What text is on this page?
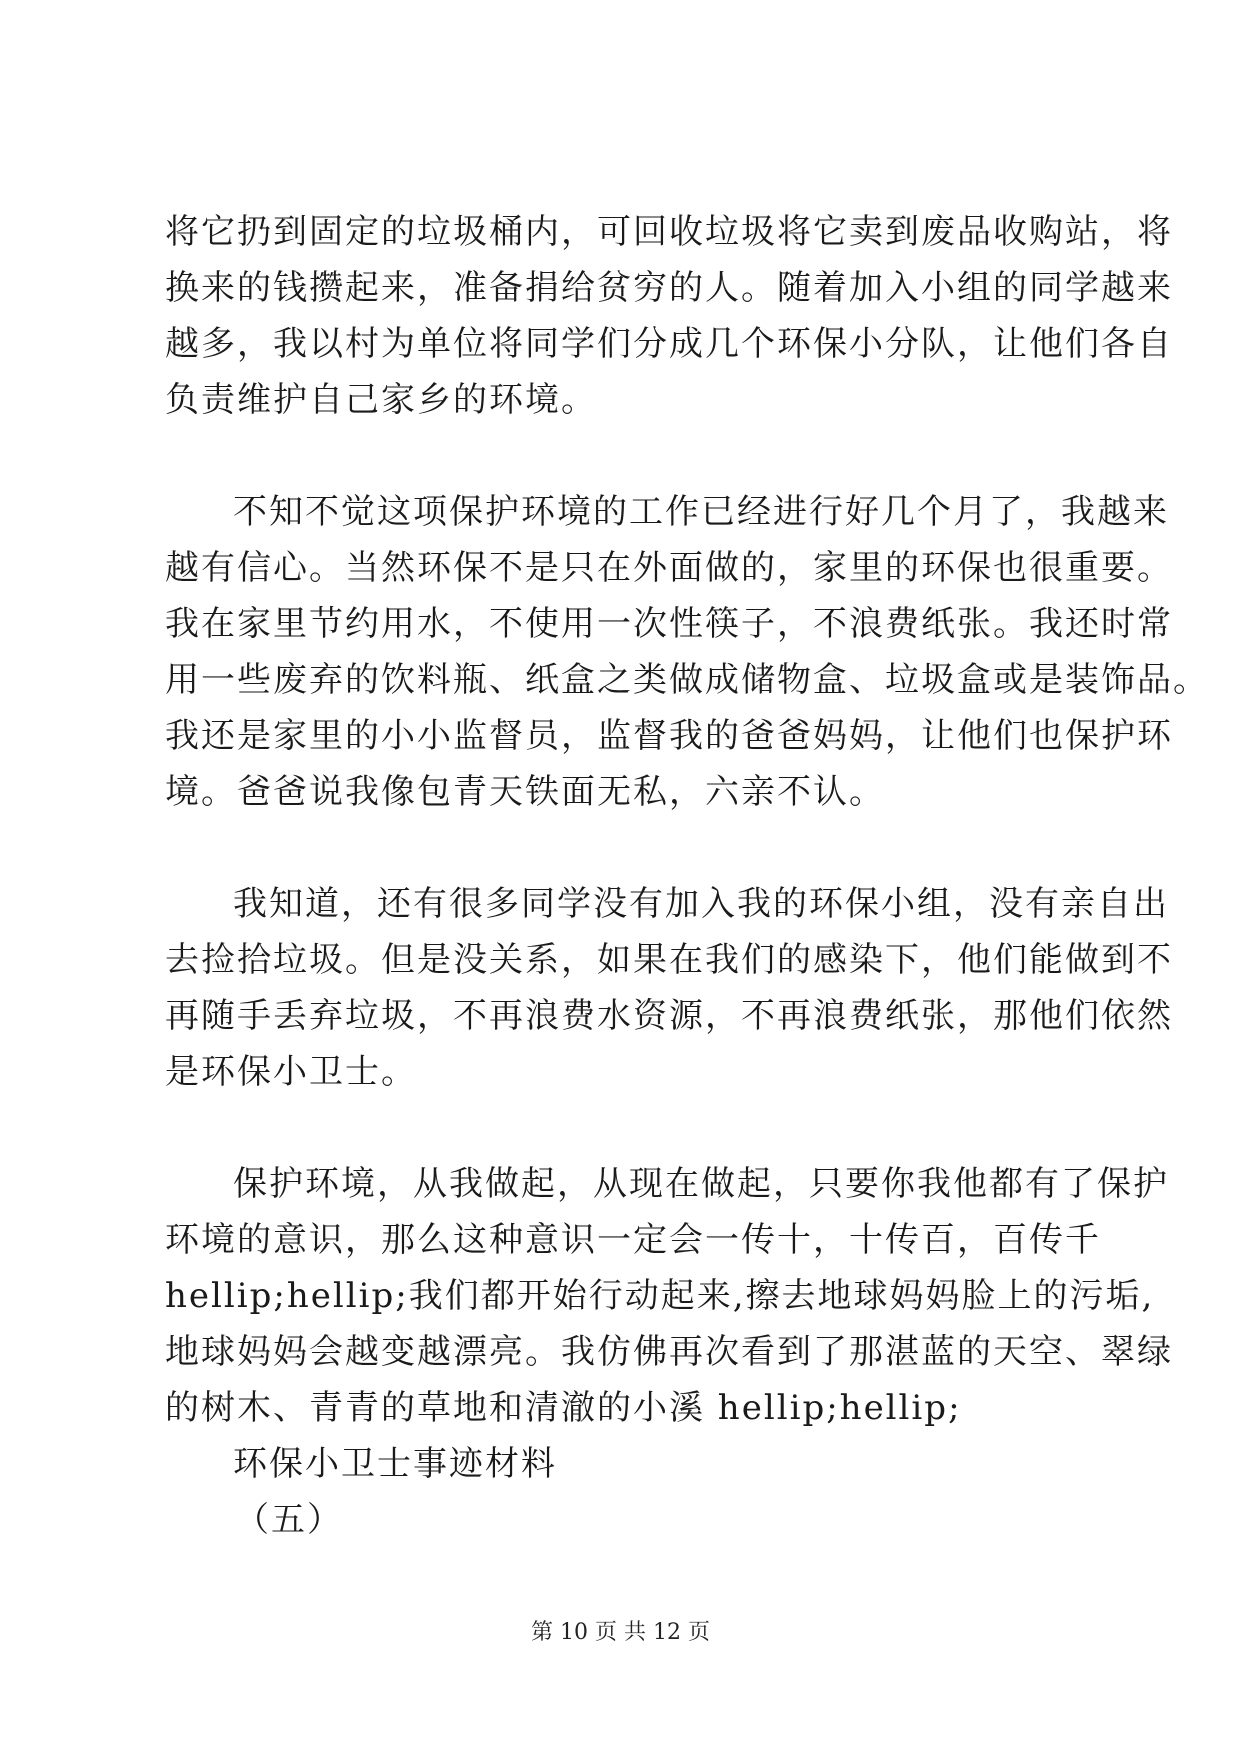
将它扔到固定的垃圾桶内，可回收垃圾将它卖到废品收购站，将
换来的钱攒起来，准备捐给贫穷的人。随着加入小组的同学越来
越多，我以村为单位将同学们分成几个环保小分队，让他们各自
负责维护自己家乡的环境。
不知不觉这项保护环境的工作已经进行好几个月了，我越来
越有信心。当然环保不是只在外面做的，家里的环保也很重要。
我在家里节约用水，不使用一次性筷子，不浪费纸张。我还时常
用一些废弃的饮料瓶、纸盒之类做成储物盒、垃圾盒或是装饰品。
我还是家里的小小监督员，监督我的爸爸妈妈，让他们也保护环
境。爸爸说我像包青天铁面无私，六亲不认。
我知道，还有很多同学没有加入我的环保小组，没有亲自出
去捡拾垃圾。但是没关系，如果在我们的感染下，他们能做到不
再随手丢弃垃圾，不再浪费水资源，不再浪费纸张，那他们依然
是环保小卫士。
保护环境，从我做起，从现在做起，只要你我他都有了保护
环境的意识，那么这种意识一定会一传十，十传百，百传千
hellip;hellip;我们都开始行动起来,擦去地球妈妈脸上的污垢,
地球妈妈会越变越漂亮。我仿佛再次看到了那湛蓝的天空、翠绿
的树木、青青的草地和清澈的小溪 hellip;hellip;
环保小卫士事迹材料
（五）
第 10 页 共 12 页
